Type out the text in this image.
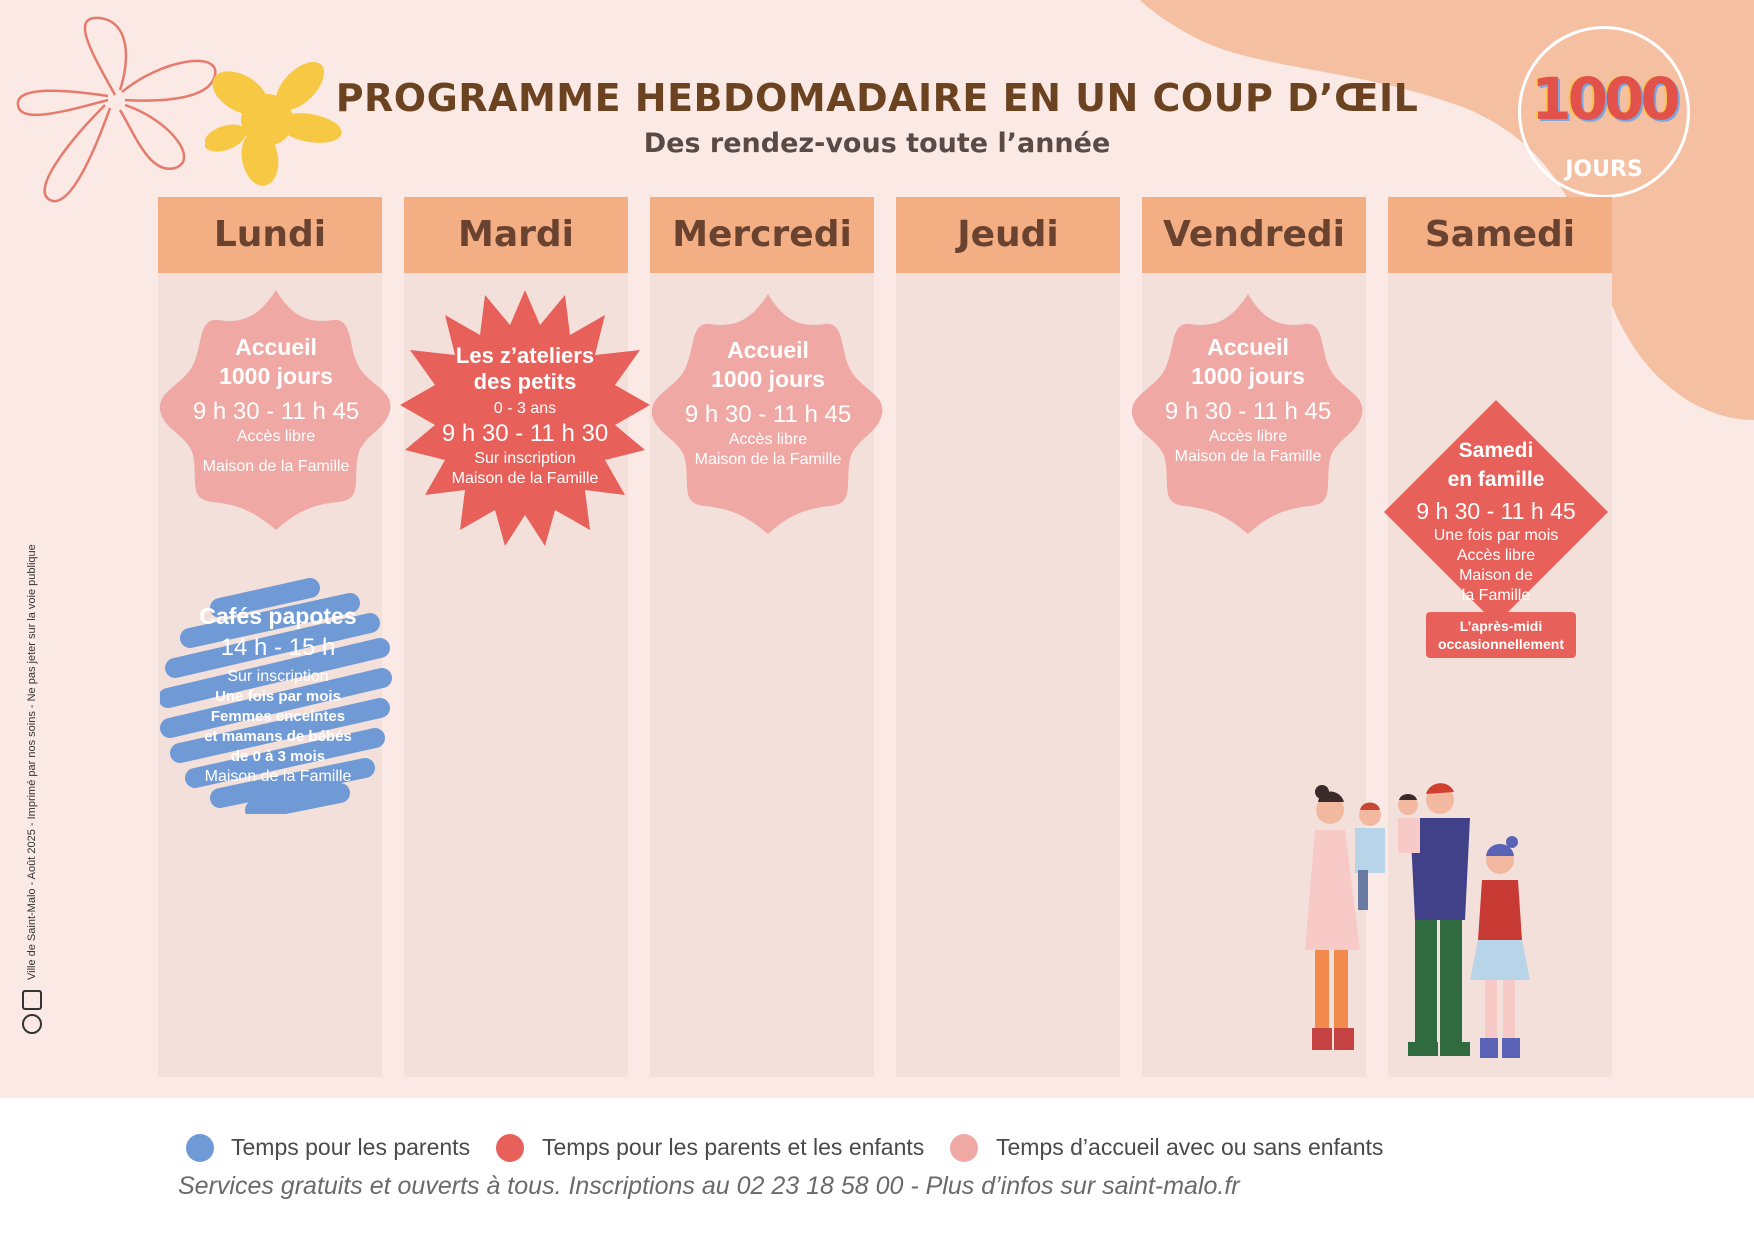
1000
JOURS
PROGRAMME HEBDOMADAIRE EN UN COUP D’ŒIL
Des rendez-vous toute l’année
Lundi	Mardi	Mercredi	Jeudi	Vendredi	Samedi
Accueil
1000 jours
9 h 30 - 11 h 45
Accès libre
Maison de la Famille
Cafés papotes
14 h - 15 h
Sur inscription
Une fois par mois
Femmes enceintes
et mamans de bébés
de 0 à 3 mois
Maison de la Famille
Les z’ateliers
des petits
0 - 3 ans
9 h 30 - 11 h 30
Sur inscription
Maison de la Famille
Accueil
1000 jours
9 h 30 - 11 h 45
Accès libre
Maison de la Famille
Accueil
1000 jours
9 h 30 - 11 h 45
Accès libre
Maison de la Famille	Samedi
en famille
9 h 30 - 11 h 45
Une fois par mois
Accès libre
Maison de
la Famille
L’après-midi
occasionnellement
Ville de Saint-Malo - Août 2025 - Imprimé par nos soins - Ne pas jeter sur la voie publique
Temps pour les parents	Temps pour les parents et les enfants	Temps d’accueil avec ou sans enfants
Services gratuits et ouverts à tous. Inscriptions au 02 23 18 58 00 - Plus d’infos sur saint-malo.fr
